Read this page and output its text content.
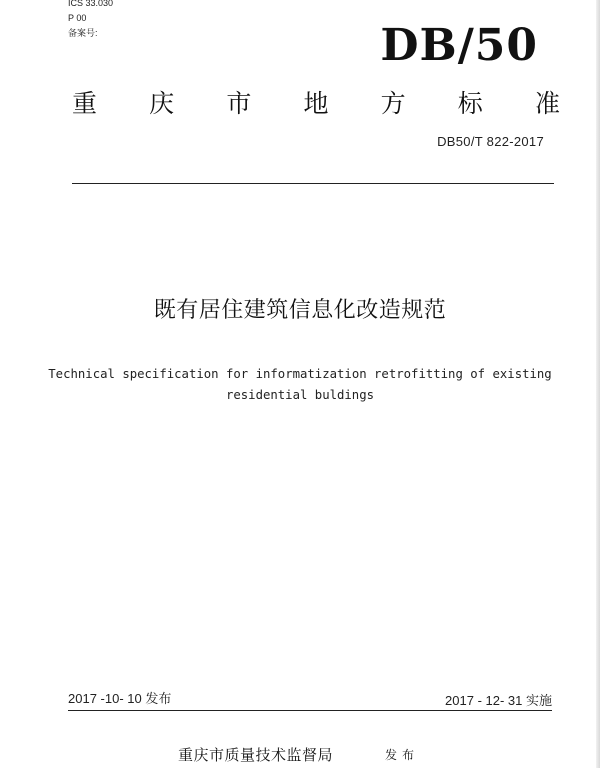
ICS 33.030
P 00
备案号:	DB/50
重 庆 市 地 方 标 准
DB50/T 822-2017
既有居住建筑信息化改造规范
Technical specification for informatization retrofitting of existing
residential buldings
2017 -10- 10 发布	2017 - 12- 31 实施
重庆市质量技术监督局	发布
